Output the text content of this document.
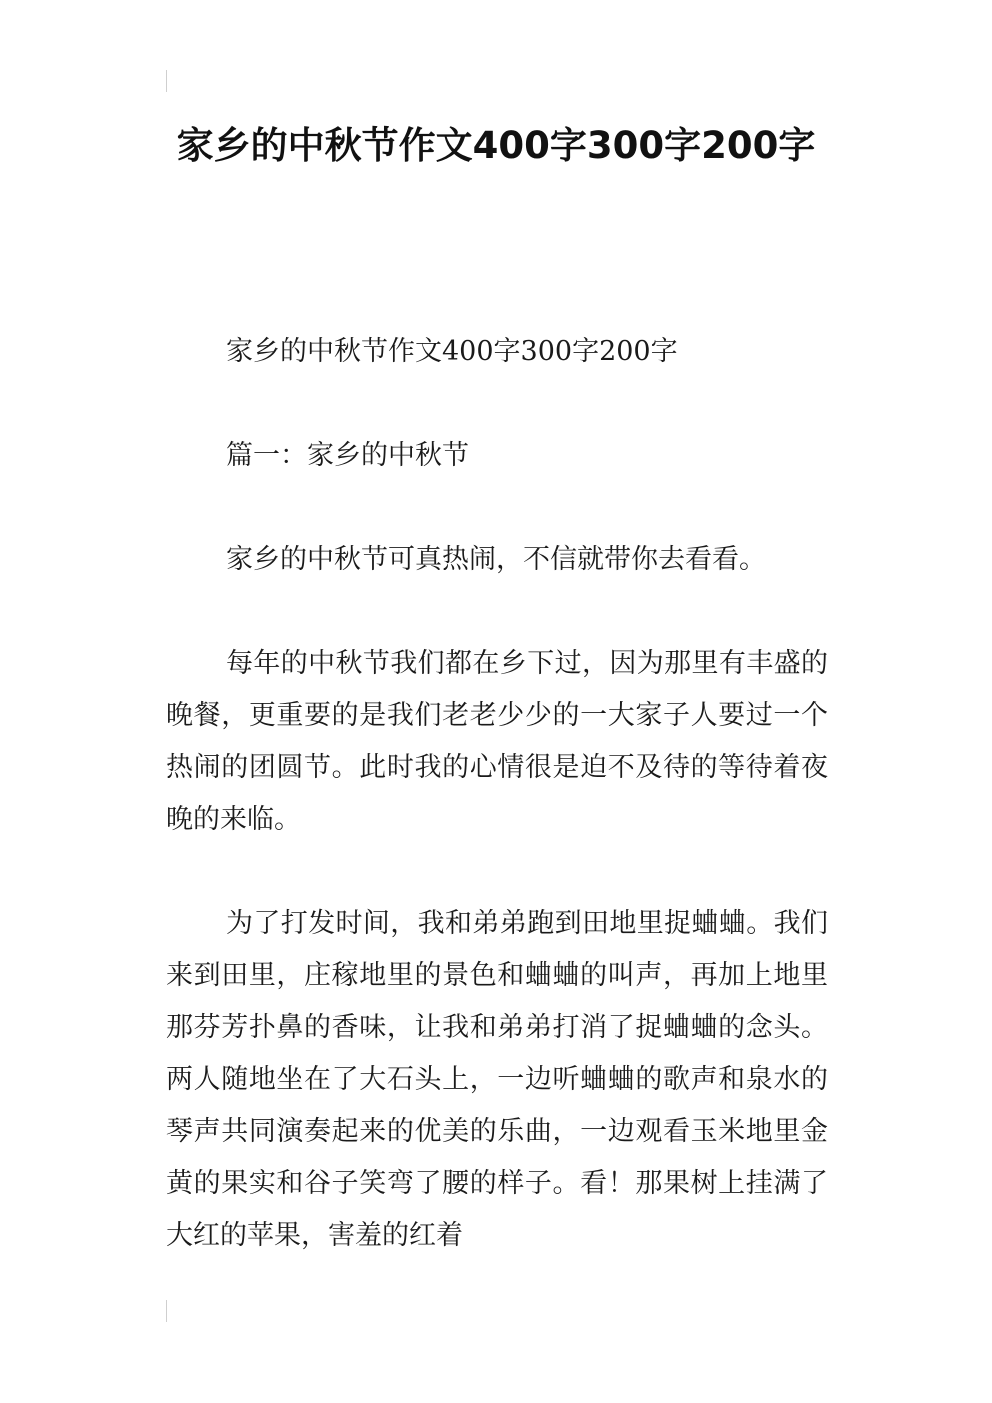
家乡的中秋节作文400字300字200字

家乡的中秋节作文400字300字200字

篇一：家乡的中秋节

家乡的中秋节可真热闹，不信就带你去看看。

每年的中秋节我们都在乡下过，因为那里有丰盛的晚餐，更重要的是我们老老少少的一大家子人要过一个热闹的团圆节。此时我的心情很是迫不及待的等待着夜晚的来临。

为了打发时间，我和弟弟跑到田地里捉蛐蛐。我们来到田里，庄稼地里的景色和蛐蛐的叫声，再加上地里那芬芳扑鼻的香味，让我和弟弟打消了捉蛐蛐的念头。两人随地坐在了大石头上，一边听蛐蛐的歌声和泉水的琴声共同演奏起来的优美的乐曲，一边观看玉米地里金黄的果实和谷子笑弯了腰的样子。看！那果树上挂满了大红的苹果，害羞的红着
